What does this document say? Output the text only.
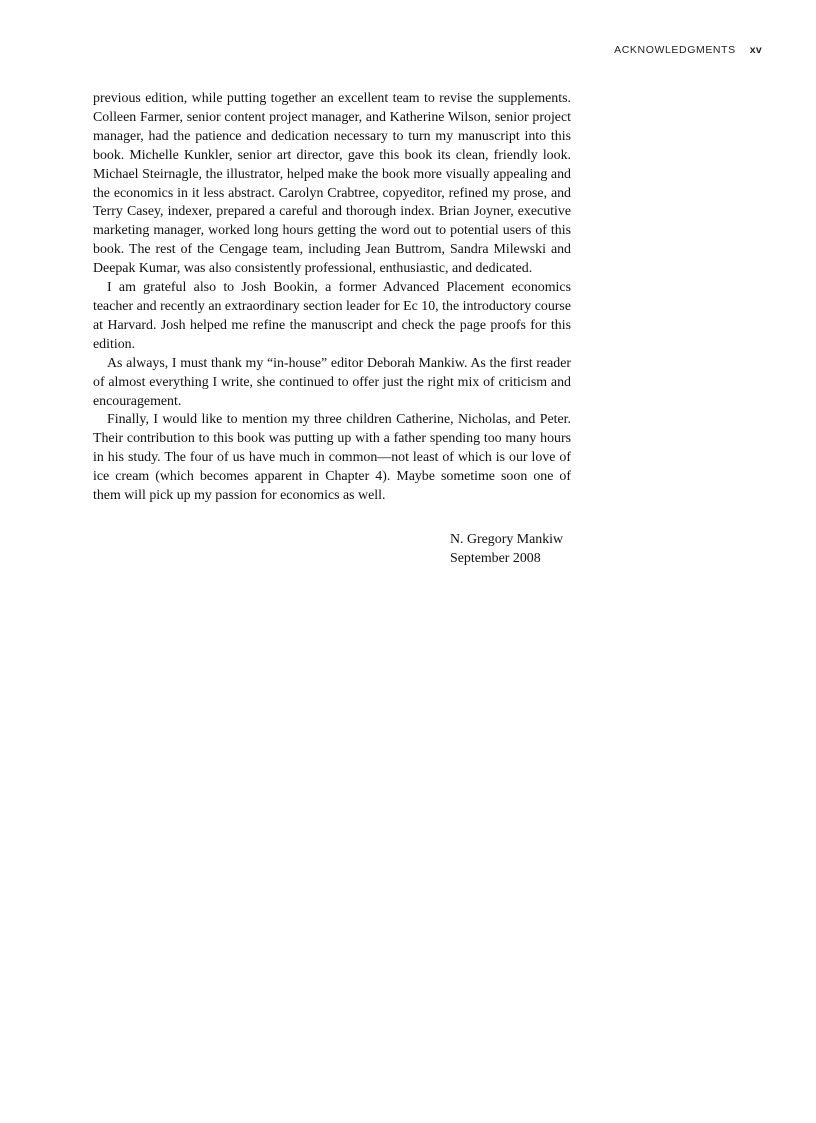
ACKNOWLEDGMENTS xv

previous edition, while putting together an excellent team to revise the supplements. Colleen Farmer, senior content project manager, and Katherine Wilson, senior project manager, had the patience and dedication necessary to turn my manuscript into this book. Michelle Kunkler, senior art director, gave this book its clean, friendly look. Michael Steirnagle, the illustrator, helped make the book more visually appealing and the economics in it less abstract. Carolyn Crabtree, copyeditor, refined my prose, and Terry Casey, indexer, prepared a careful and thorough index. Brian Joyner, executive marketing manager, worked long hours getting the word out to potential users of this book. The rest of the Cengage team, including Jean Buttrom, Sandra Milewski and Deepak Kumar, was also consistently professional, enthusiastic, and dedicated.

I am grateful also to Josh Bookin, a former Advanced Placement economics teacher and recently an extraordinary section leader for Ec 10, the introductory course at Harvard. Josh helped me refine the manuscript and check the page proofs for this edition.

As always, I must thank my “in-house” editor Deborah Mankiw. As the first reader of almost everything I write, she continued to offer just the right mix of criticism and encouragement.

Finally, I would like to mention my three children Catherine, Nicholas, and Peter. Their contribution to this book was putting up with a father spending too many hours in his study. The four of us have much in common—not least of which is our love of ice cream (which becomes apparent in Chapter 4). Maybe sometime soon one of them will pick up my passion for economics as well.

N. Gregory Mankiw
September 2008
